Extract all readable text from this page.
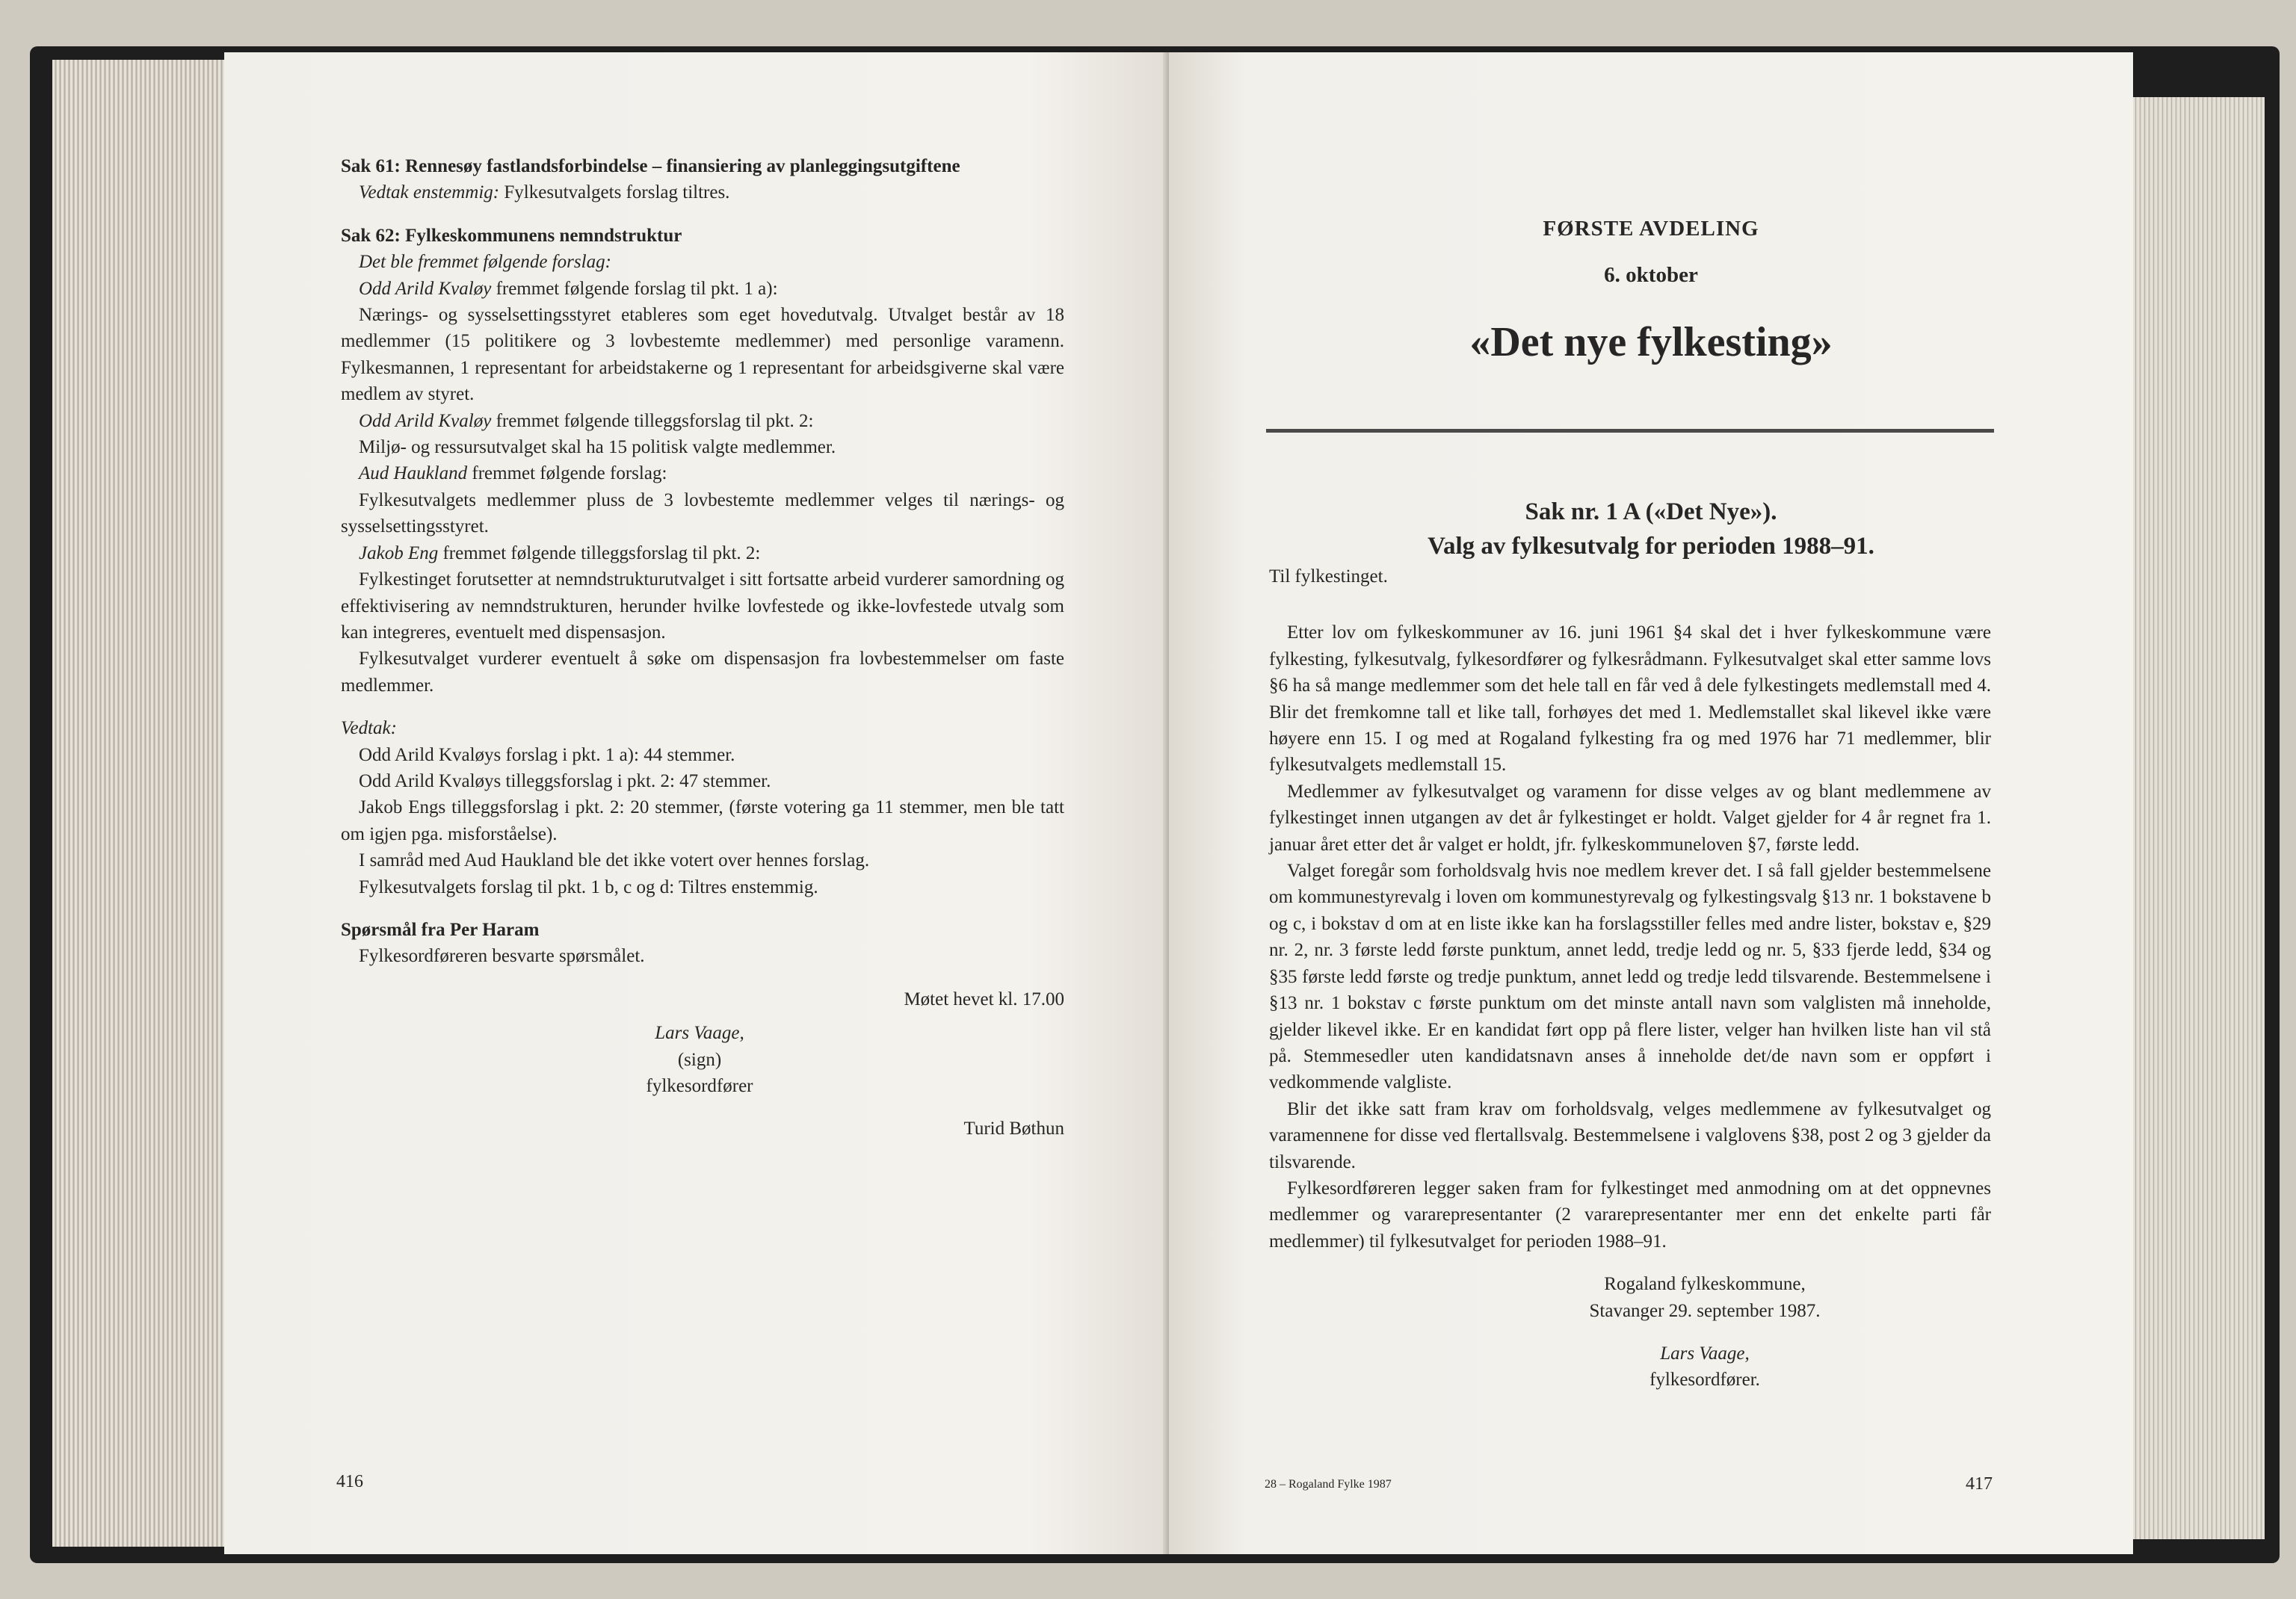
Sak 61: Rennesøy fastlandsforbindelse – finansiering av planleggingsutgiftene

Vedtak enstemmig: Fylkesutvalgets forslag tiltres.

Sak 62: Fylkeskommunens nemndstruktur

Det ble fremmet følgende forslag:

Odd Arild Kvaløy fremmet følgende forslag til pkt. 1 a):

Nærings- og sysselsettingsstyret etableres som eget hovedutvalg. Utvalget består av 18 medlemmer (15 politikere og 3 lovbestemte medlemmer) med personlige varamenn. Fylkesmannen, 1 representant for arbeidstakerne og 1 representant for arbeidsgiverne skal være medlem av styret.

Odd Arild Kvaløy fremmet følgende tilleggsforslag til pkt. 2:

Miljø- og ressursutvalget skal ha 15 politisk valgte medlemmer.

Aud Haukland fremmet følgende forslag:

Fylkesutvalgets medlemmer pluss de 3 lovbestemte medlemmer velges til nærings- og sysselsettingsstyret.

Jakob Eng fremmet følgende tilleggsforslag til pkt. 2:

Fylkestinget forutsetter at nemndstrukturutvalget i sitt fortsatte arbeid vurderer samordning og effektivisering av nemndstrukturen, herunder hvilke lovfestede og ikke-lovfestede utvalg som kan integreres, eventuelt med dispensasjon.

Fylkesutvalget vurderer eventuelt å søke om dispensasjon fra lovbestemmelser om faste medlemmer.

Vedtak:

Odd Arild Kvaløys forslag i pkt. 1 a): 44 stemmer.

Odd Arild Kvaløys tilleggsforslag i pkt. 2: 47 stemmer.

Jakob Engs tilleggsforslag i pkt. 2: 20 stemmer, (første votering ga 11 stemmer, men ble tatt om igjen pga. misforståelse).

I samråd med Aud Haukland ble det ikke votert over hennes forslag.

Fylkesutvalgets forslag til pkt. 1 b, c og d: Tiltres enstemmig.

Spørsmål fra Per Haram

Fylkesordføreren besvarte spørsmålet.

Møtet hevet kl. 17.00

Lars Vaage,

(sign)

fylkesordfører

Turid Bøthun

416
FØRSTE AVDELING
6. oktober
«Det nye fylkesting»
Sak nr. 1 A («Det Nye»).
Valg av fylkesutvalg for perioden 1988–91.

Til fylkestinget.

Etter lov om fylkeskommuner av 16. juni 1961 §4 skal det i hver fylkeskommune være fylkesting, fylkesutvalg, fylkesordfører og fylkesrådmann. Fylkesutvalget skal etter samme lovs §6 ha så mange medlemmer som det hele tall en får ved å dele fylkestingets medlemstall med 4. Blir det fremkomne tall et like tall, forhøyes det med 1. Medlemstallet skal likevel ikke være høyere enn 15. I og med at Rogaland fylkesting fra og med 1976 har 71 medlemmer, blir fylkesutvalgets medlemstall 15.

Medlemmer av fylkesutvalget og varamenn for disse velges av og blant medlemmene av fylkestinget innen utgangen av det år fylkestinget er holdt. Valget gjelder for 4 år regnet fra 1. januar året etter det år valget er holdt, jfr. fylkeskommuneloven §7, første ledd.

Valget foregår som forholdsvalg hvis noe medlem krever det. I så fall gjelder bestemmelsene om kommunestyrevalg i loven om kommunestyrevalg og fylkestingsvalg §13 nr. 1 bokstavene b og c, i bokstav d om at en liste ikke kan ha forslagsstiller felles med andre lister, bokstav e, §29 nr. 2, nr. 3 første ledd første punktum, annet ledd, tredje ledd og nr. 5, §33 fjerde ledd, §34 og §35 første ledd første og tredje punktum, annet ledd og tredje ledd tilsvarende. Bestemmelsene i §13 nr. 1 bokstav c første punktum om det minste antall navn som valglisten må inneholde, gjelder likevel ikke. Er en kandidat ført opp på flere lister, velger han hvilken liste han vil stå på. Stemmesedler uten kandidatsnavn anses å inneholde det/de navn som er oppført i vedkommende valgliste.

Blir det ikke satt fram krav om forholdsvalg, velges medlemmene av fylkesutvalget og varamennene for disse ved flertallsvalg. Bestemmelsene i valglovens §38, post 2 og 3 gjelder da tilsvarende.

Fylkesordføreren legger saken fram for fylkestinget med anmodning om at det oppnevnes medlemmer og vararepresentanter (2 vararepresentanter mer enn det enkelte parti får medlemmer) til fylkesutvalget for perioden 1988–91.

Rogaland fylkeskommune,

Stavanger 29. september 1987.

Lars Vaage,

fylkesordfører.

28 – Rogaland Fylke 1987	417
